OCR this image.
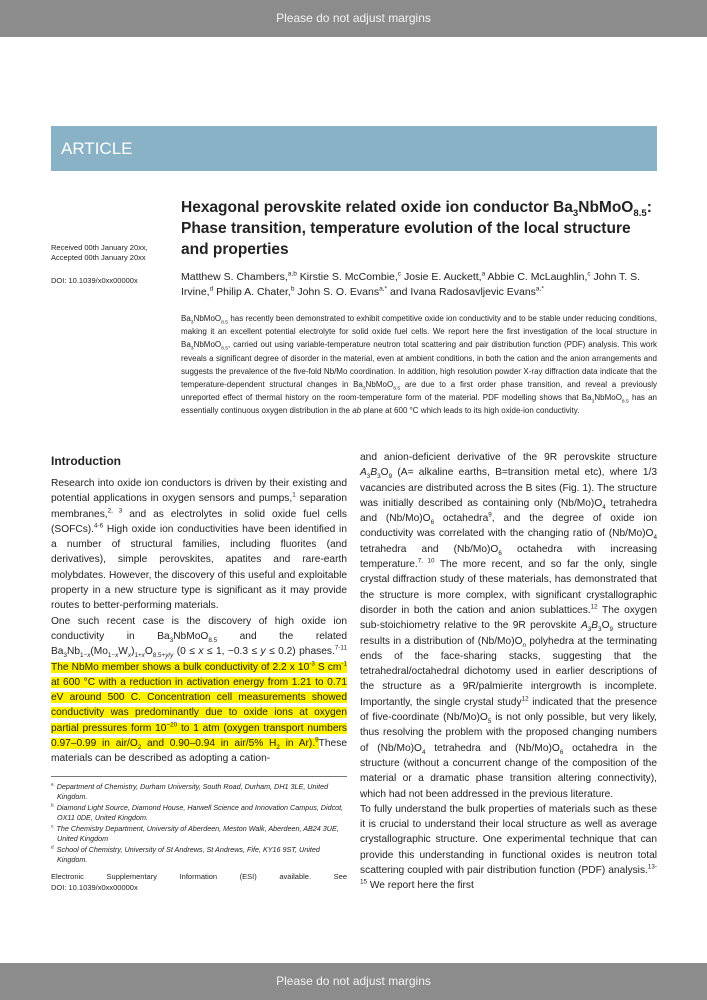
Please do not adjust margins
ARTICLE
Received 00th January 20xx,
Accepted 00th January 20xx
DOI: 10.1039/x0xx00000x
Hexagonal perovskite related oxide ion conductor $Ba_3NbMoO_{8.5}$: Phase transition, temperature evolution of the local structure and properties
Matthew S. Chambers,$^{a,b}$ Kirstie S. McCombie,$^c$ Josie E. Auckett,$^a$ Abbie C. McLaughlin,$^c$ John T. S. Irvine,$^d$ Philip A. Chater,$^b$ John S. O. Evans$^{a,*}$ and Ivana Radosavljevic Evans$^{a,*}$
$Ba_3NbMoO_{8.5}$ has recently been demonstrated to exhibit competitive oxide ion conductivity and to be stable under reducing conditions, making it an excellent potential electrolyte for solid oxide fuel cells. We report here the first investigation of the local structure in $Ba_3NbMoO_{8.5}$, carried out using variable-temperature neutron total scattering and pair distribution function (PDF) analysis. This work reveals a significant degree of disorder in the material, even at ambient conditions, in both the cation and the anion arrangements and suggests the prevalence of the five-fold Nb/Mo coordination. In addition, high resolution powder X-ray diffraction data indicate that the temperature-dependent structural changes in $Ba_3NbMoO_{8.5}$ are due to a first order phase transition, and reveal a previously unreported effect of thermal history on the room-temperature form of the material. PDF modelling shows that $Ba_3NbMoO_{8.5}$ has an essentially continuous oxygen distribution in the ab plane at 600 °C which leads to its high oxide-ion conductivity.
Introduction

Research into oxide ion conductors is driven by their existing and potential applications in oxygen sensors and pumps,$^1$ separation membranes,$^{2, 3}$ and as electrolytes in solid oxide fuel cells (SOFCs).$^{4-6}$ High oxide ion conductivities have been identified in a number of structural families, including fluorites (and derivatives), simple perovskites, apatites and rare-earth molybdates. However, the discovery of this useful and exploitable property in a new structure type is significant as it may provide routes to better-performing materials.

One such recent case is the discovery of high oxide ion conductivity in $Ba_3NbMoO_{8.5}$ and the related $Ba_3Nb_{1-x}(Mo_{1-x}W_x)_{1+x}O_{8.5+y/y}$ (0 ≤ x ≤ 1, −0.3 ≤ y ≤ 0.2) phases.$^{7-11}$ The NbMo member shows a bulk conductivity of 2.2 x $10^{-3}$ S $cm^{-1}$ at 600 °C with a reduction in activation energy from 1.21 to 0.71 eV around 500 C. Concentration cell measurements showed conductivity was predominantly due to oxide ions at oxygen partial pressures form $10^{-20}$ to 1 atm (oxygen transport numbers 0.97–0.99 in air/$O_2$ and 0.90–0.94 in air/5% $H_2$ in Ar).$^9$These materials can be described as adopting a cation-

and anion-deficient derivative of the 9R perovskite structure $A_3B_3O_9$ (A= alkaline earths, B=transition metal etc), where 1/3 vacancies are distributed across the B sites (Fig. 1). The structure was initially described as containing only $(Nb/Mo)O_4$ tetrahedra and $(Nb/Mo)O_6$ octahedra$^9$, and the degree of oxide ion conductivity was correlated with the changing ratio of $(Nb/Mo)O_4$ tetrahedra and $(Nb/Mo)O_6$ octahedra with increasing temperature.$^{7, 10}$ The more recent, and so far the only, single crystal diffraction study of these materials, has demonstrated that the structure is more complex, with significant crystallographic disorder in both the cation and anion sublattices.$^{12}$ The oxygen sub-stoichiometry relative to the 9R perovskite $A_3B_3O_9$ structure results in a distribution of $(Nb/Mo)O_n$ polyhedra at the terminating ends of the face-sharing stacks, suggesting that the tetrahedral/octahedral dichotomy used in earlier descriptions of the structure as a 9R/palmierite intergrowth is incomplete. Importantly, the single crystal study$^{12}$ indicated that the presence of five-coordinate $(Nb/Mo)O_5$ is not only possible, but very likely, thus resolving the problem with the proposed changing numbers of $(Nb/Mo)O_4$ tetrahedra and $(Nb/Mo)O_6$ octahedra in the structure (without a concurrent change of the composition of the material or a dramatic phase transition altering connectivity), which had not been addressed in the previous literature.

To fully understand the bulk properties of materials such as these it is crucial to understand their local structure as well as average crystallographic structure. One experimental technique that can provide this understanding in functional oxides is neutron total scattering coupled with pair distribution function (PDF) analysis.$^{13-15}$ We report here the first

$^{a.}$ Department of Chemistry, Durham University, South Road, Durham, DH1 3LE, United Kingdom.
$^{b.}$ Diamond Light Source, Diamond House, Harwell Science and Innovation Campus, Didcot, OX11 0DE, United Kingdom.
$^{c.}$ The Chemistry Department, University of Aberdeen, Meston Walk, Aberdeen, AB24 3UE, United Kingdom
$^{d.}$ School of Chemistry, University of St Andrews, St Andrews, Fife, KY16 9ST, United Kingdom.
Electronic Supplementary Information (ESI) available. See
DOI: 10.1039/x0xx00000x
Please do not adjust margins
